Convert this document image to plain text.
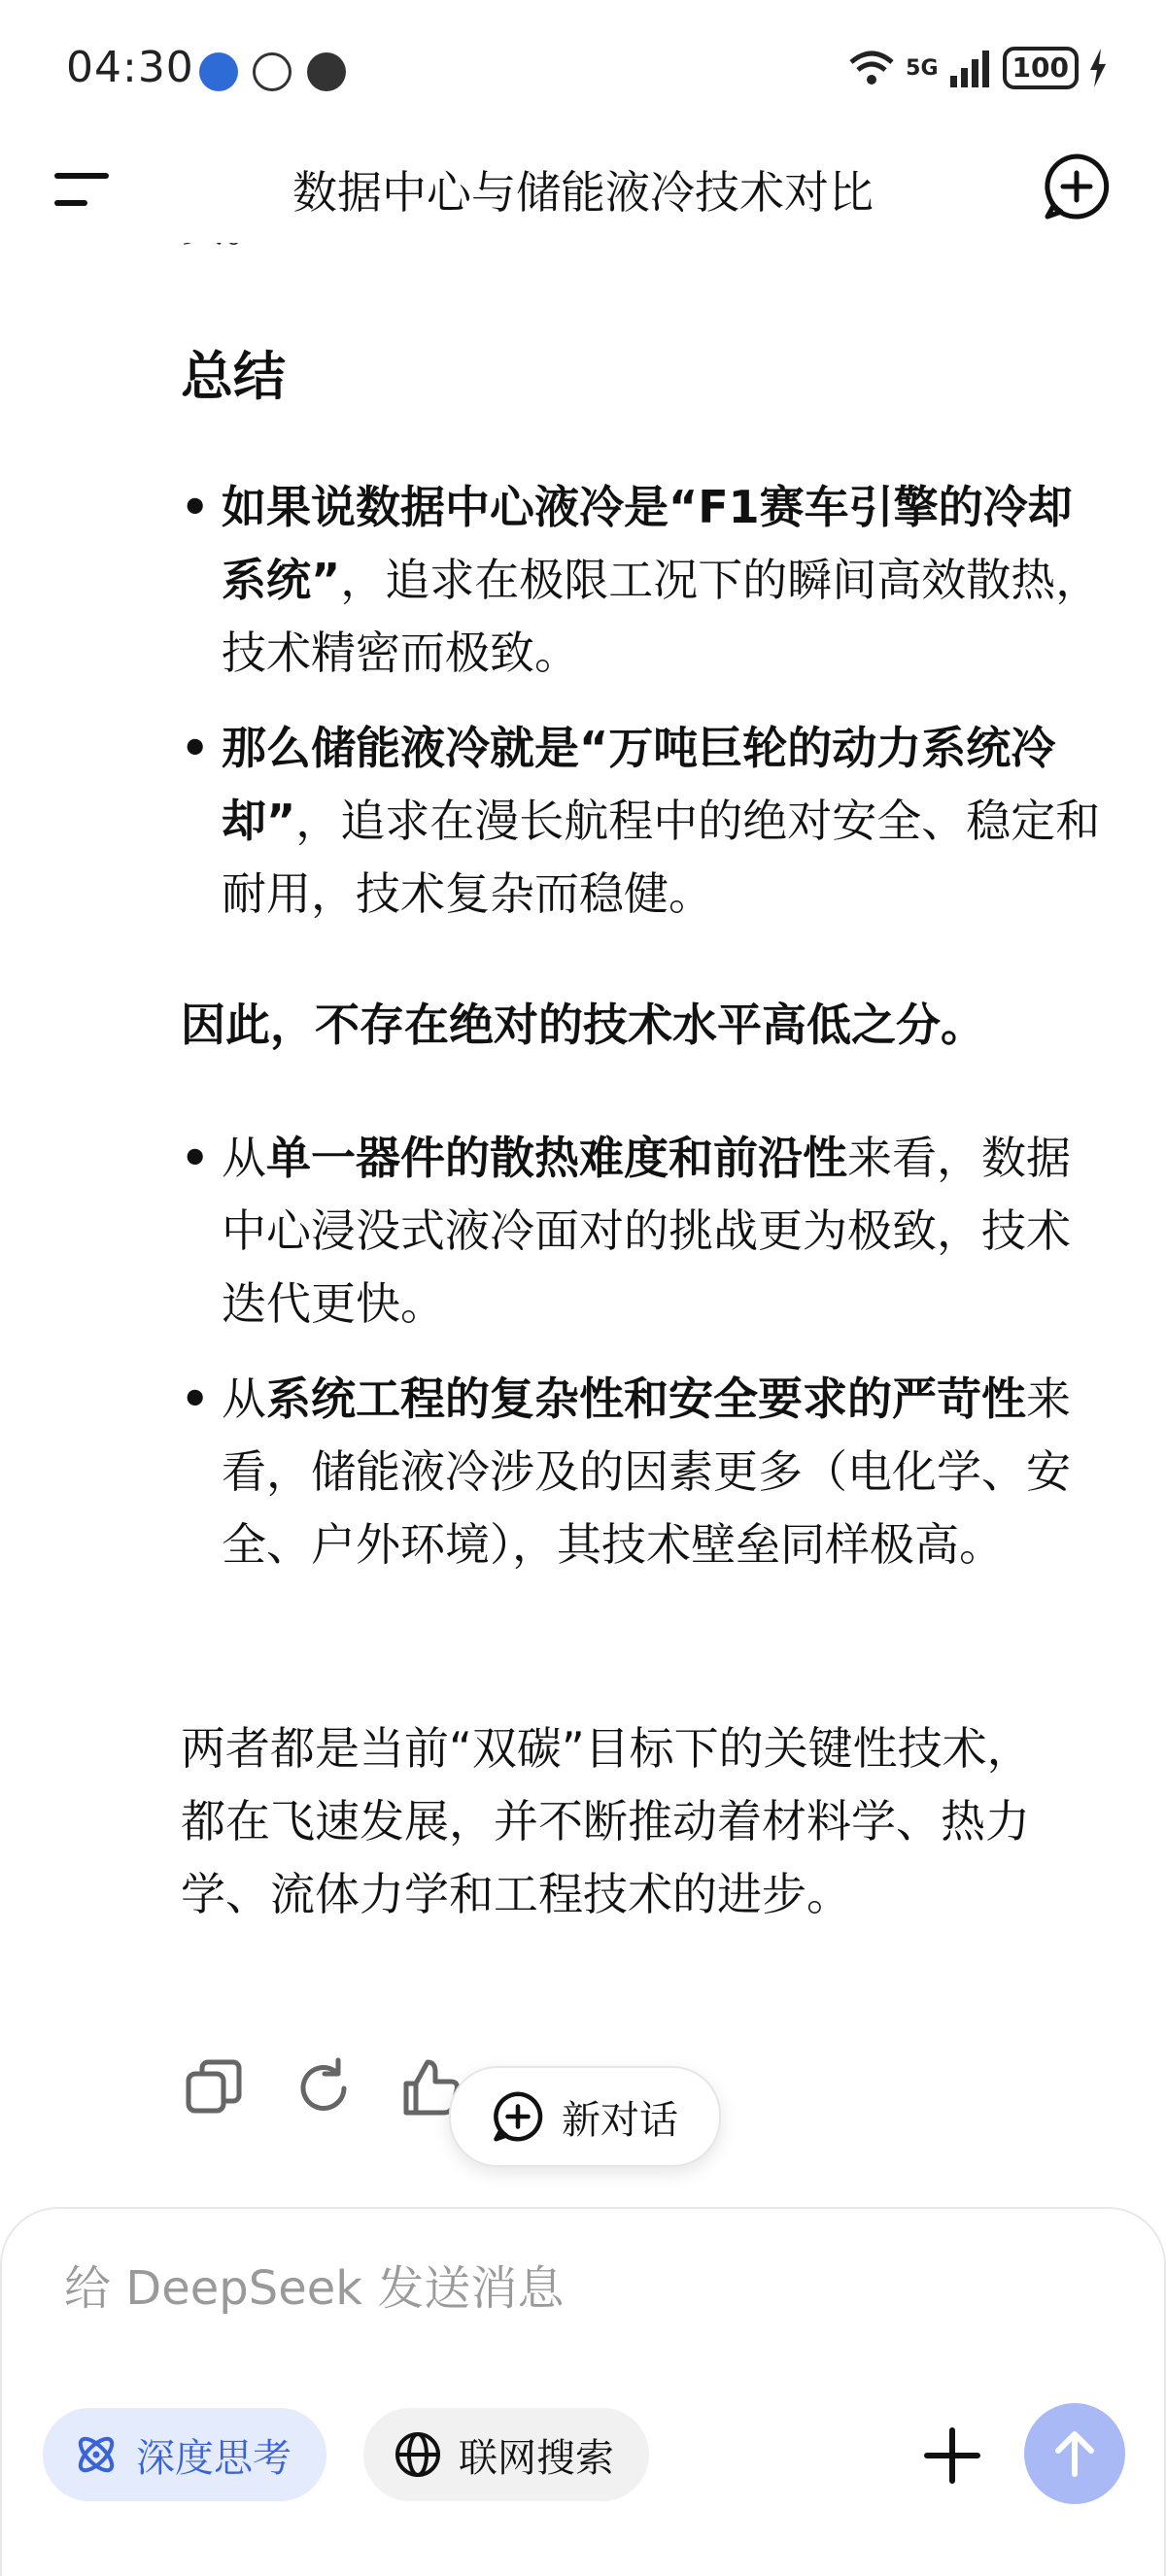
04:30	5G	100
数据中心与储能液冷技术对比
总结
• 如果说数据中心液冷是“F1赛车引擎的冷却系统”，追求在极限工况下的瞬间高效散热，技术精密而极致。
• 那么储能液冷就是“万吨巨轮的动力系统冷却”，追求在漫长航程中的绝对安全、稳定和耐用，技术复杂而稳健。
因此，不存在绝对的技术水平高低之分。
• 从单一器件的散热难度和前沿性来看，数据中心浸没式液冷面对的挑战更为极致，技术迭代更快。
• 从系统工程的复杂性和安全要求的严苛性来看，储能液冷涉及的因素更多（电化学、安全、户外环境），其技术壁垒同样极高。
两者都是当前“双碳”目标下的关键性技术，都在飞速发展，并不断推动着材料学、热力学、流体力学和工程技术的进步。
新对话
给 DeepSeek 发送消息
深度思考	联网搜索
